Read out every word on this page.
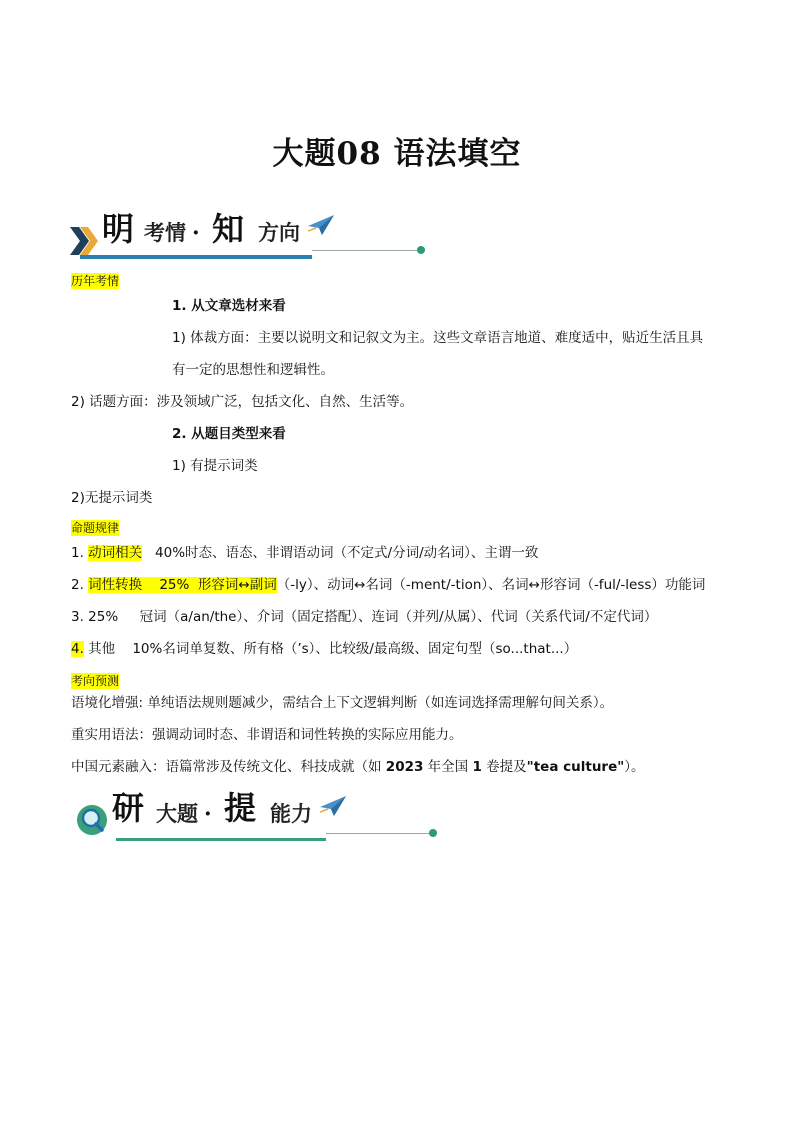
大题08 语法填空
明 考情 · 知 方向
历年考情
1. 从文章选材来看
1) 体裁方面：主要以说明文和记叙文为主。这些文章语言地道、难度适中，贴近生活且具
有一定的思想性和逻辑性。
2) 话题方面：涉及领域广泛，包括文化、自然、生活等。
2. 从题目类型来看
1) 有提示词类
2)无提示词类
命题规律
1. 动词相关   40%时态、语态、非谓语动词（不定式/分词/动名词）、主谓一致
2. 词性转换    25%  形容词↔副词（-ly）、动词↔名词（-ment/-tion）、名词↔形容词（-ful/-less）功能词
3. 25%     冠词（a/an/the）、介词（固定搭配）、连词（并列/从属）、代词（关系代词/不定代词）
4. 其他    10%名词单复数、所有格（’s）、比较级/最高级、固定句型（so...that...）
考向预测
语境化增强: 单纯语法规则题减少，需结合上下文逻辑判断（如连词选择需理解句间关系）。
重实用语法：强调动词时态、非谓语和词性转换的实际应用能力。
中国元素融入：语篇常涉及传统文化、科技成就（如 2023 年全国 1 卷提及"tea culture"）。
研 大题 · 提 能力
